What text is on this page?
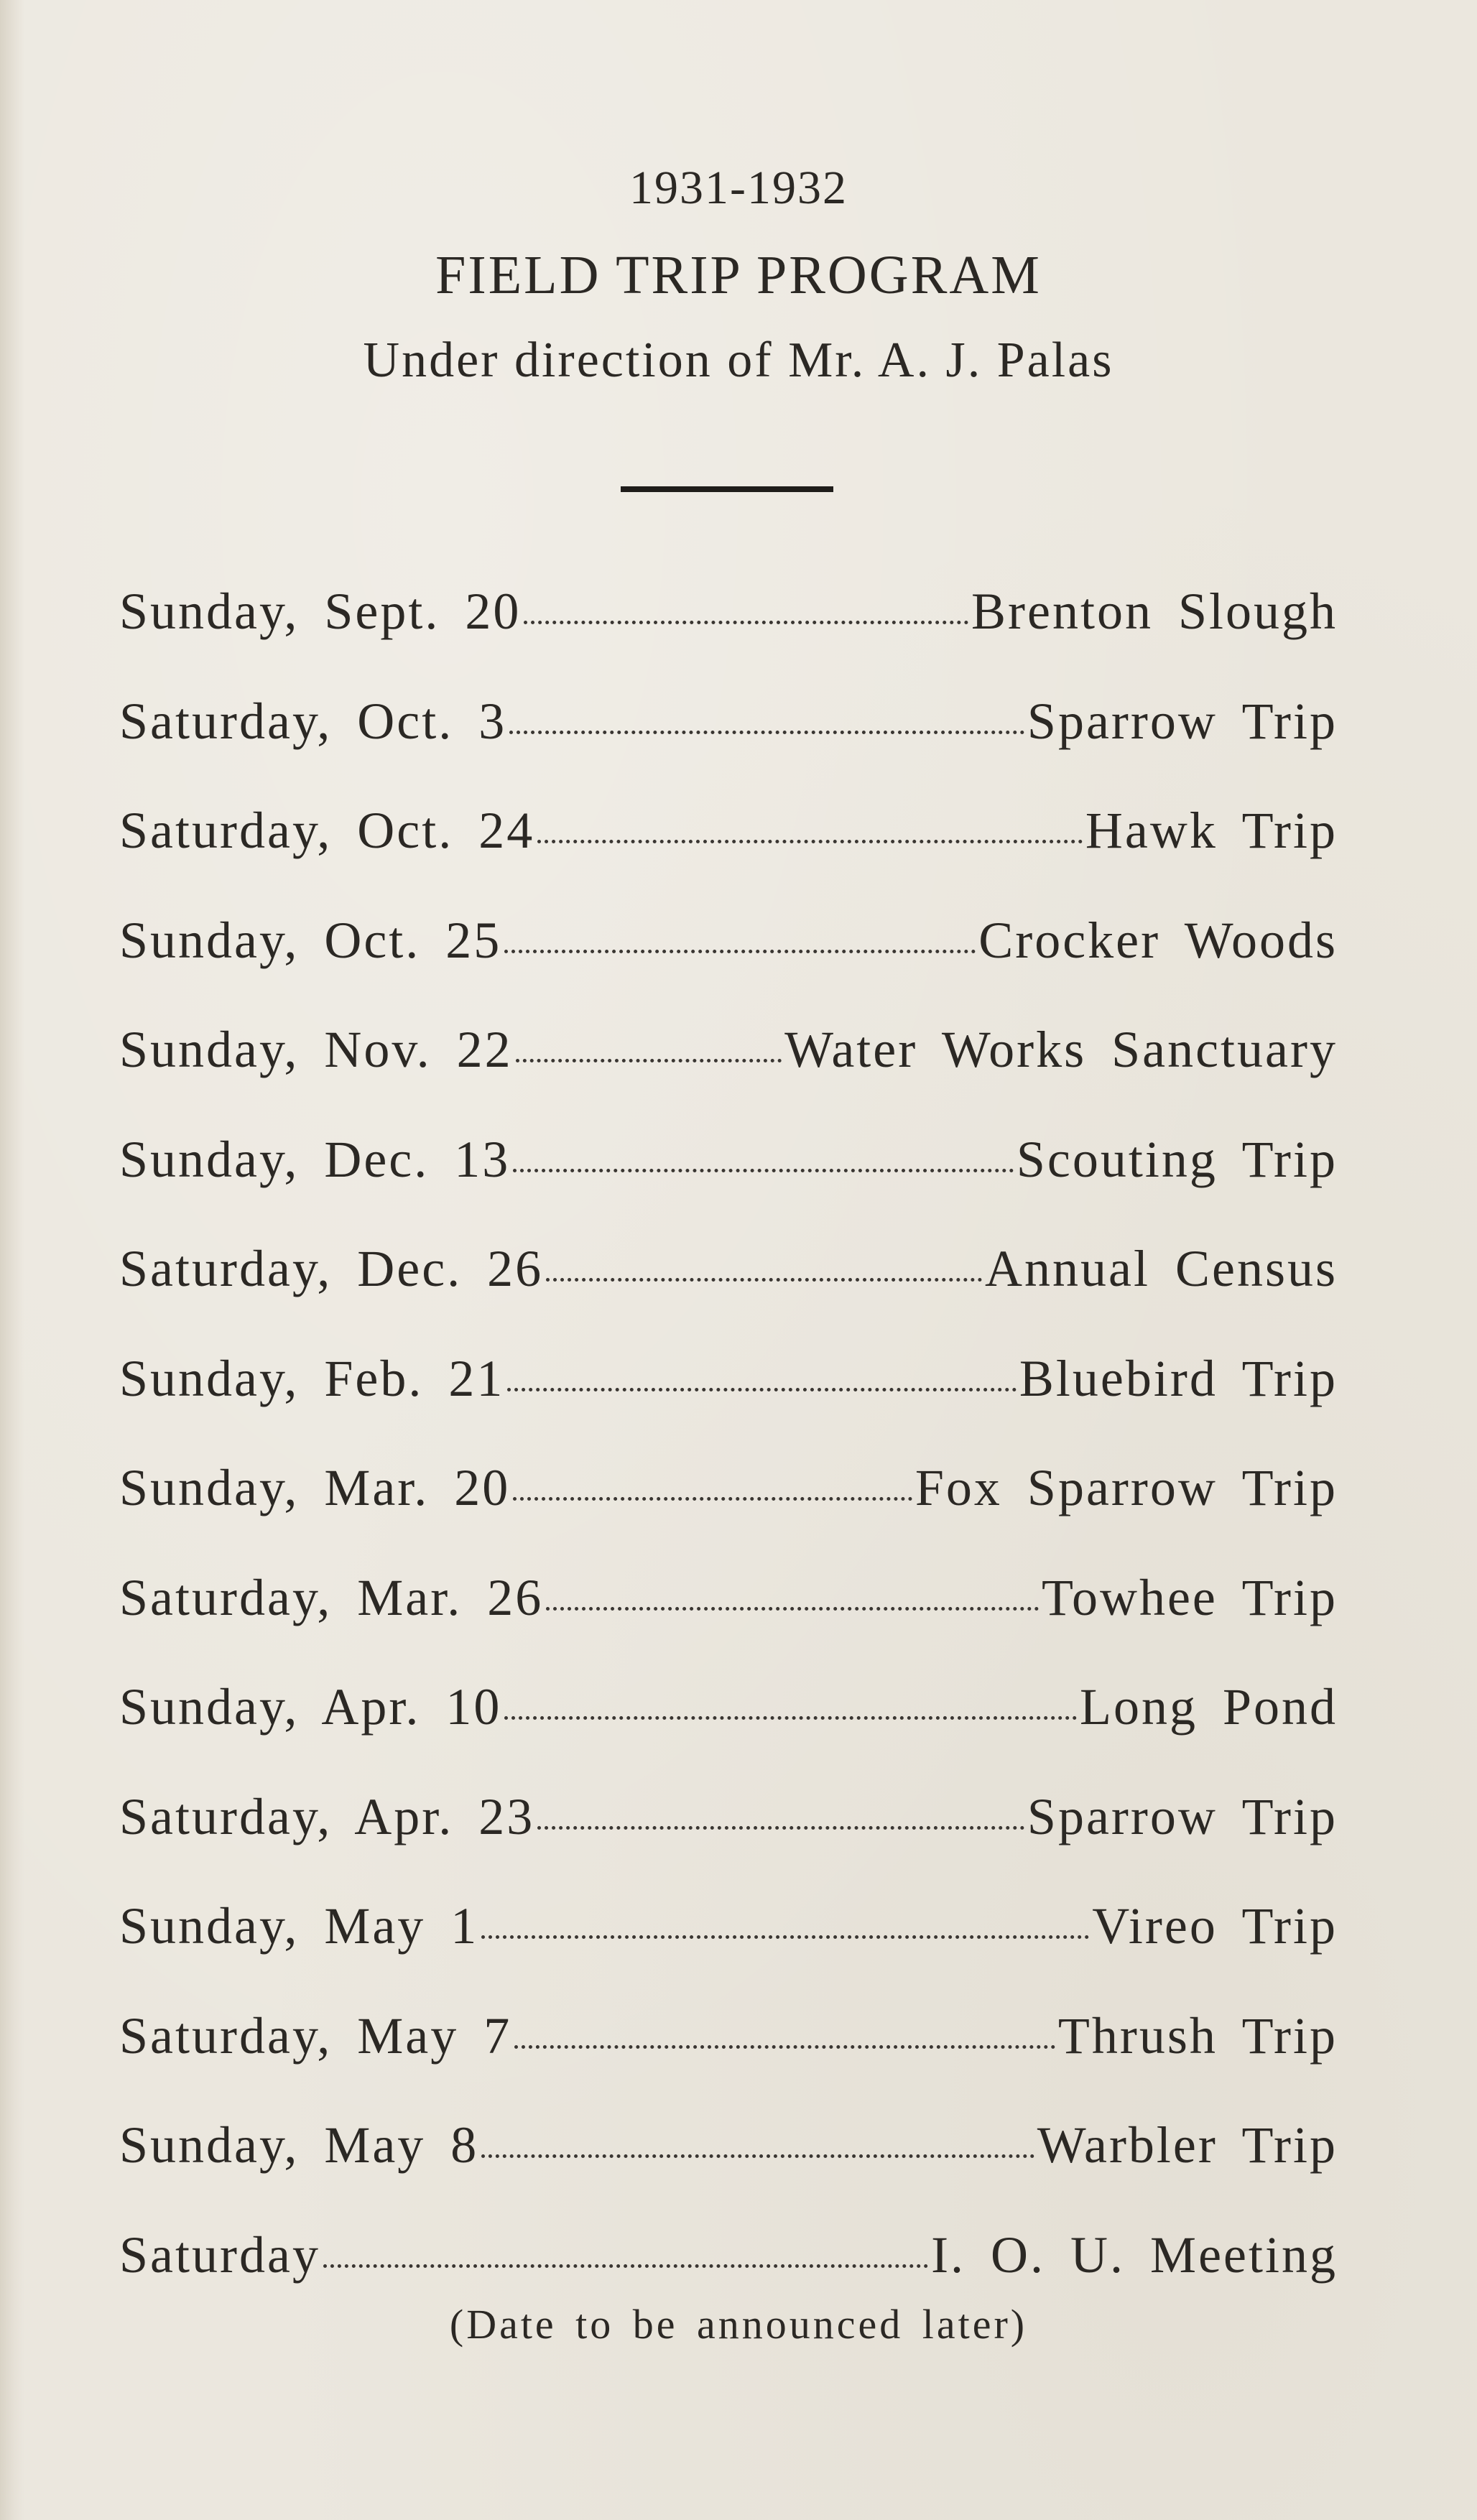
1931-1932
FIELD TRIP PROGRAM
Under direction of Mr. A. J. Palas
Sunday, Sept. 20	Brenton Slough
Saturday, Oct. 3	Sparrow Trip
Saturday, Oct. 24	Hawk Trip
Sunday, Oct. 25	Crocker Woods
Sunday, Nov. 22	Water Works Sanctuary
Sunday, Dec. 13	Scouting Trip
Saturday, Dec. 26	Annual Census
Sunday, Feb. 21	Bluebird Trip
Sunday, Mar. 20	Fox Sparrow Trip
Saturday, Mar. 26	Towhee Trip
Sunday, Apr. 10	Long Pond
Saturday, Apr. 23	Sparrow Trip
Sunday, May 1	Vireo Trip
Saturday, May 7	Thrush Trip
Sunday, May 8	Warbler Trip
Saturday	I. O. U. Meeting
(Date to be announced later)
